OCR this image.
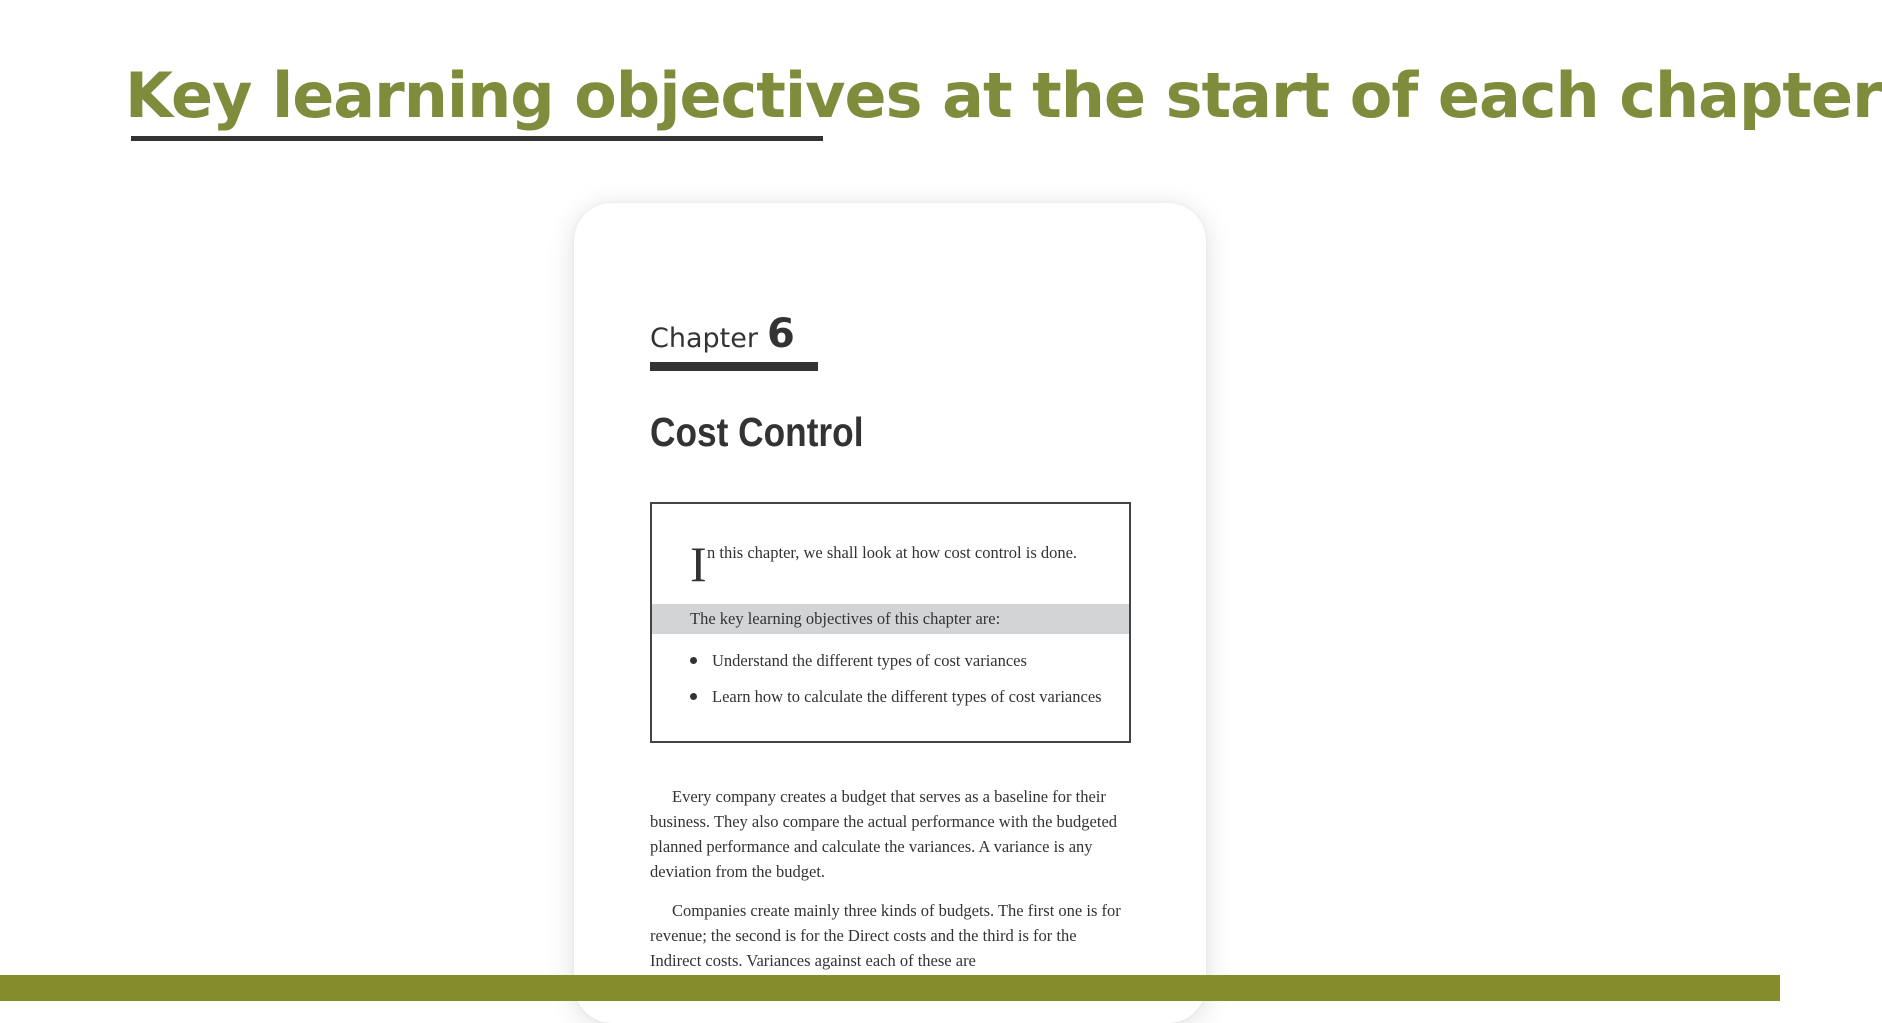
Key learning objectives at the start of each chapter
Chapter 6
Cost Control
I n this chapter, we shall look at how cost control is done.
The key learning objectives of this chapter are:
Understand the different types of cost variances
Learn how to calculate the different types of cost variances

Every company creates a budget that serves as a baseline for their business. They also compare the actual performance with the budgeted planned performance and calculate the variances. A variance is any deviation from the budget.

Companies create mainly three kinds of budgets. The first one is for revenue; the second is for the Direct costs and the third is for the Indirect costs. Variances against each of these are
